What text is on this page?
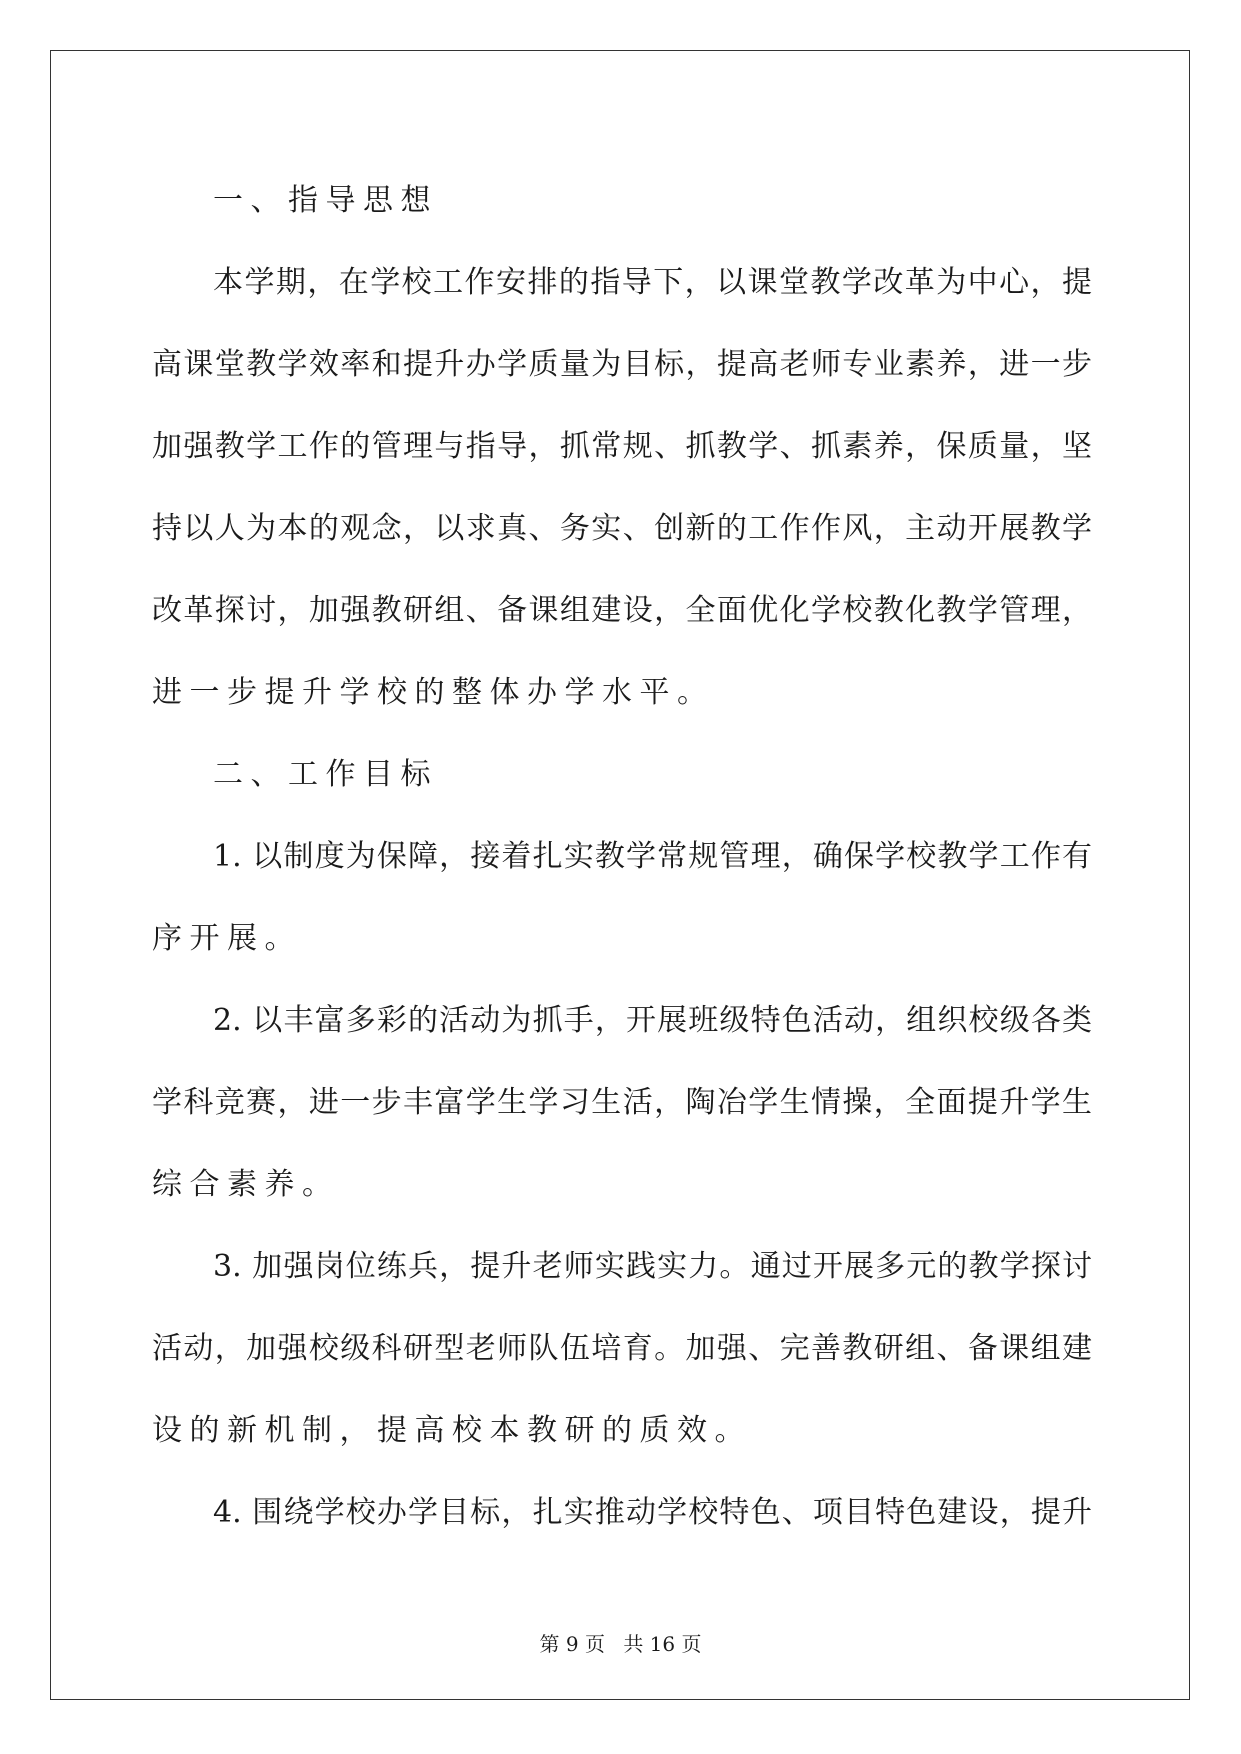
一、指导思想
本学期，在学校工作安排的指导下，以课堂教学改革为中心，提
高课堂教学效率和提升办学质量为目标，提高老师专业素养，进一步
加强教学工作的管理与指导，抓常规、抓教学、抓素养，保质量，坚
持以人为本的观念，以求真、务实、创新的工作作风，主动开展教学
改革探讨，加强教研组、备课组建设，全面优化学校教化教学管理，
进一步提升学校的整体办学水平。
二、工作目标
1. 以制度为保障，接着扎实教学常规管理，确保学校教学工作有
序开展。
2. 以丰富多彩的活动为抓手，开展班级特色活动，组织校级各类
学科竞赛，进一步丰富学生学习生活，陶冶学生情操，全面提升学生
综合素养。
3. 加强岗位练兵，提升老师实践实力。通过开展多元的教学探讨
活动，加强校级科研型老师队伍培育。加强、完善教研组、备课组建
设的新机制，提高校本教研的质效。
4. 围绕学校办学目标，扎实推动学校特色、项目特色建设，提升
第 9 页 共 16 页
